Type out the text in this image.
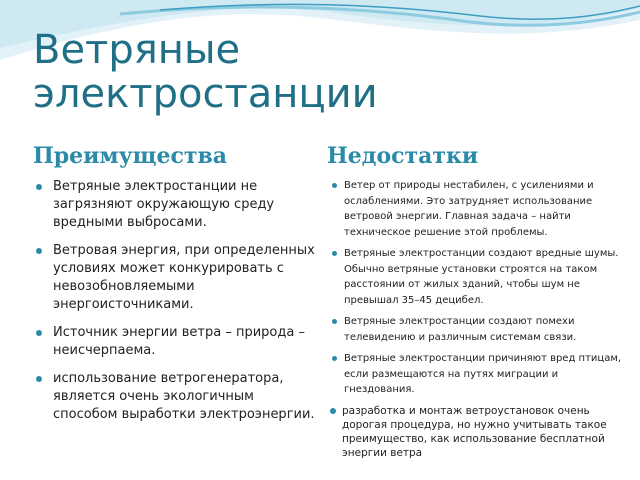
Ветряные электростанции
Преимущества	Недостатки
Ветряные электростанции не загрязняют окружающую среду вредными выбросами.
Ветровая энергия, при определенных условиях может конкурировать с невозобновляемыми энергоисточниками.
Источник энергии ветра – природа – неисчерпаема.
использование ветрогенератора, является очень экологичным способом выработки электроэнергии.
Ветер от природы нестабилен, с усилениями и ослаблениями. Это затрудняет использование ветровой энергии. Главная задача – найти техническое решение этой проблемы.
Ветряные электростанции создают вредные шумы. Обычно ветряные установки строятся на таком расстоянии от жилых зданий, чтобы шум не превышал 35–45 децибел.
Ветряные электростанции создают помехи телевидению и различным системам связи.
Ветряные электростанции причиняют вред птицам, если размещаются на путях миграции и гнездования.
разработка и монтаж ветроустановок очень дорогая процедура, но нужно учитывать такое преимущество, как использование бесплатной энергии ветра
